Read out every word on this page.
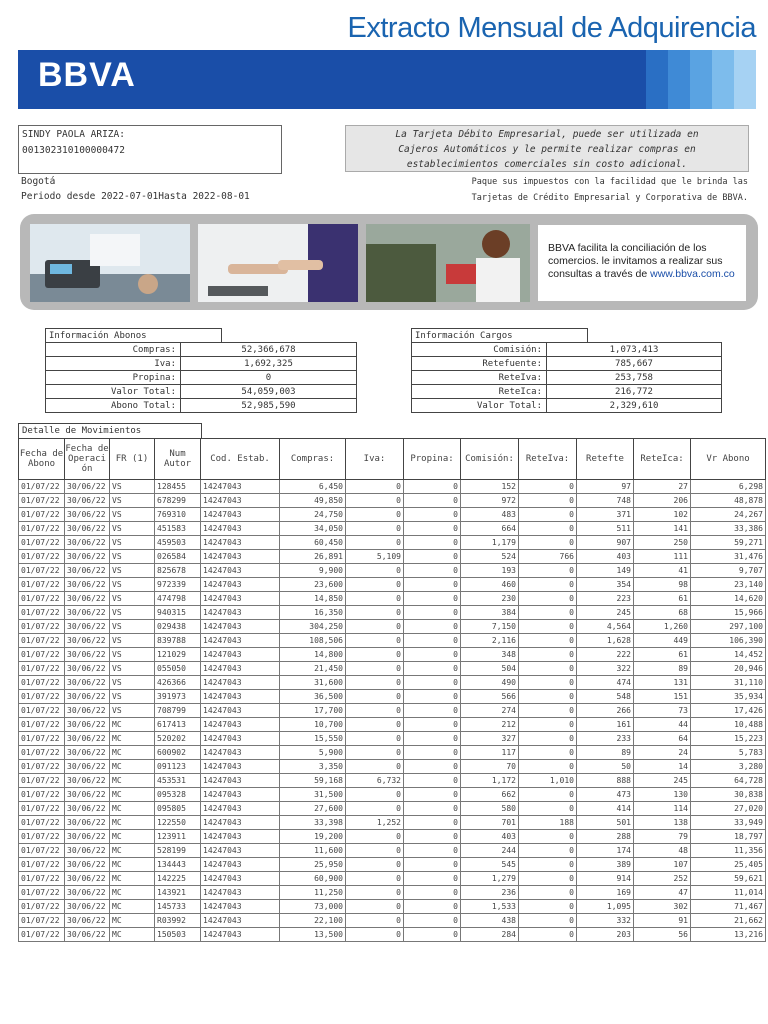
Extracto Mensual de Adquirencia
BBVA
SINDY PAOLA ARIZA:
001302310100000472
Bogotá
Periodo desde 2022-07-01Hasta 2022-08-01
La Tarjeta Débito Empresarial, puede ser utilizada en
Cajeros Automáticos y le permite realizar compras en
establecimientos comerciales sin costo adicional.
Paque sus impuestos con la facilidad que le brinda las
Tarjetas de Crédito Empresarial y Corporativa de BBVA.
BBVA facilita la conciliación de los
comercios. le invitamos a realizar sus
consultas a través de www.bbva.com.co
Información Abonos
Compras:	52,366,678
Iva:	1,692,325
Propina:	0
Valor Total:	54,059,003
Abono Total:	52,985,590
Información Cargos
Comisión:	1,073,413
Retefuente:	785,667
ReteIva:	253,758
ReteIca:	216,772
Valor Total:	2,329,610
Detalle de Movimientos
Fecha de Abono	Fecha de Operaci ón	FR (1)	Num Autor	Cod. Estab.	Compras:	Iva:	Propina:	Comisión:	ReteIva:	Retefte	ReteIca:	Vr Abono
01/07/22	30/06/22	VS	128455	14247043	6,450	0	0	152	0	97	27	6,298
01/07/22	30/06/22	VS	678299	14247043	49,850	0	0	972	0	748	206	48,878
01/07/22	30/06/22	VS	769310	14247043	24,750	0	0	483	0	371	102	24,267
01/07/22	30/06/22	VS	451583	14247043	34,050	0	0	664	0	511	141	33,386
01/07/22	30/06/22	VS	459503	14247043	60,450	0	0	1,179	0	907	250	59,271
01/07/22	30/06/22	VS	026584	14247043	26,891	5,109	0	524	766	403	111	31,476
01/07/22	30/06/22	VS	825678	14247043	9,900	0	0	193	0	149	41	9,707
01/07/22	30/06/22	VS	972339	14247043	23,600	0	0	460	0	354	98	23,140
01/07/22	30/06/22	VS	474798	14247043	14,850	0	0	230	0	223	61	14,620
01/07/22	30/06/22	VS	940315	14247043	16,350	0	0	384	0	245	68	15,966
01/07/22	30/06/22	VS	029438	14247043	304,250	0	0	7,150	0	4,564	1,260	297,100
01/07/22	30/06/22	VS	839788	14247043	108,506	0	0	2,116	0	1,628	449	106,390
01/07/22	30/06/22	VS	121029	14247043	14,800	0	0	348	0	222	61	14,452
01/07/22	30/06/22	VS	055050	14247043	21,450	0	0	504	0	322	89	20,946
01/07/22	30/06/22	VS	426366	14247043	31,600	0	0	490	0	474	131	31,110
01/07/22	30/06/22	VS	391973	14247043	36,500	0	0	566	0	548	151	35,934
01/07/22	30/06/22	VS	708799	14247043	17,700	0	0	274	0	266	73	17,426
01/07/22	30/06/22	MC	617413	14247043	10,700	0	0	212	0	161	44	10,488
01/07/22	30/06/22	MC	520202	14247043	15,550	0	0	327	0	233	64	15,223
01/07/22	30/06/22	MC	600902	14247043	5,900	0	0	117	0	89	24	5,783
01/07/22	30/06/22	MC	091123	14247043	3,350	0	0	70	0	50	14	3,280
01/07/22	30/06/22	MC	453531	14247043	59,168	6,732	0	1,172	1,010	888	245	64,728
01/07/22	30/06/22	MC	095328	14247043	31,500	0	0	662	0	473	130	30,838
01/07/22	30/06/22	MC	095805	14247043	27,600	0	0	580	0	414	114	27,020
01/07/22	30/06/22	MC	122550	14247043	33,398	1,252	0	701	188	501	138	33,949
01/07/22	30/06/22	MC	123911	14247043	19,200	0	0	403	0	288	79	18,797
01/07/22	30/06/22	MC	528199	14247043	11,600	0	0	244	0	174	48	11,356
01/07/22	30/06/22	MC	134443	14247043	25,950	0	0	545	0	389	107	25,405
01/07/22	30/06/22	MC	142225	14247043	60,900	0	0	1,279	0	914	252	59,621
01/07/22	30/06/22	MC	143921	14247043	11,250	0	0	236	0	169	47	11,014
01/07/22	30/06/22	MC	145733	14247043	73,000	0	0	1,533	0	1,095	302	71,467
01/07/22	30/06/22	MC	R03992	14247043	22,100	0	0	438	0	332	91	21,662
01/07/22	30/06/22	MC	150503	14247043	13,500	0	0	284	0	203	56	13,216
